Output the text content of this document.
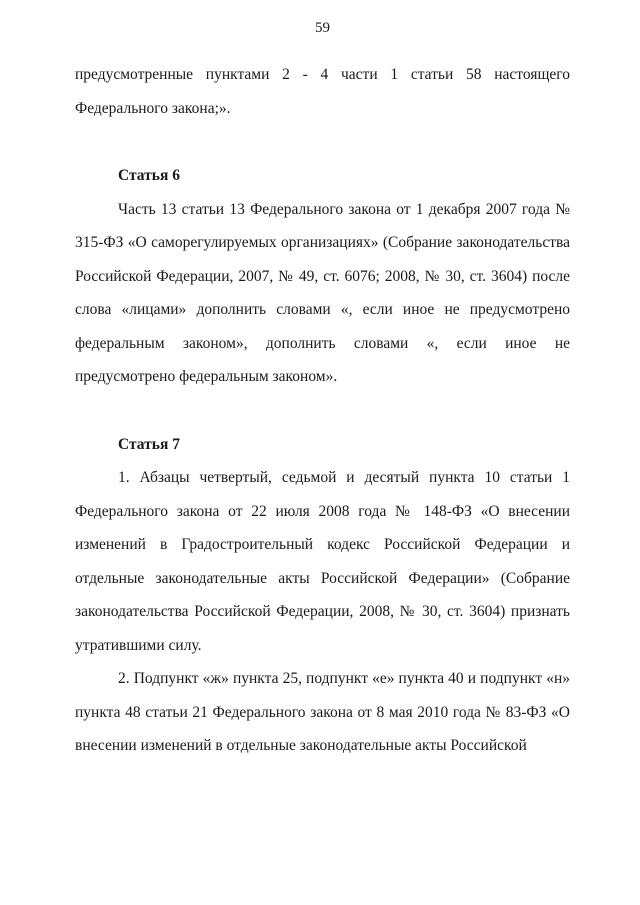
59

предусмотренные пунктами 2 - 4 части 1 статьи 58 настоящего Федерального закона;».

Статья 6

Часть 13 статьи 13 Федерального закона от 1 декабря 2007 года № 315-ФЗ «О саморегулируемых организациях» (Собрание законодательства Российской Федерации, 2007, № 49, ст. 6076; 2008, № 30, ст. 3604) после слова «лицами» дополнить словами «, если иное не предусмотрено федеральным законом», дополнить словами «, если иное не предусмотрено федеральным законом».

Статья 7

1. Абзацы четвертый, седьмой и десятый пункта 10 статьи 1 Федерального закона от 22 июля 2008 года № 148-ФЗ «О внесении изменений в Градостроительный кодекс Российской Федерации и отдельные законодательные акты Российской Федерации» (Собрание законодательства Российской Федерации, 2008, № 30, ст. 3604) признать утратившими силу.

2. Подпункт «ж» пункта 25, подпункт «е» пункта 40 и подпункт «н» пункта 48 статьи 21 Федерального закона от 8 мая 2010 года № 83-ФЗ «О внесении изменений в отдельные законодательные акты Российской
